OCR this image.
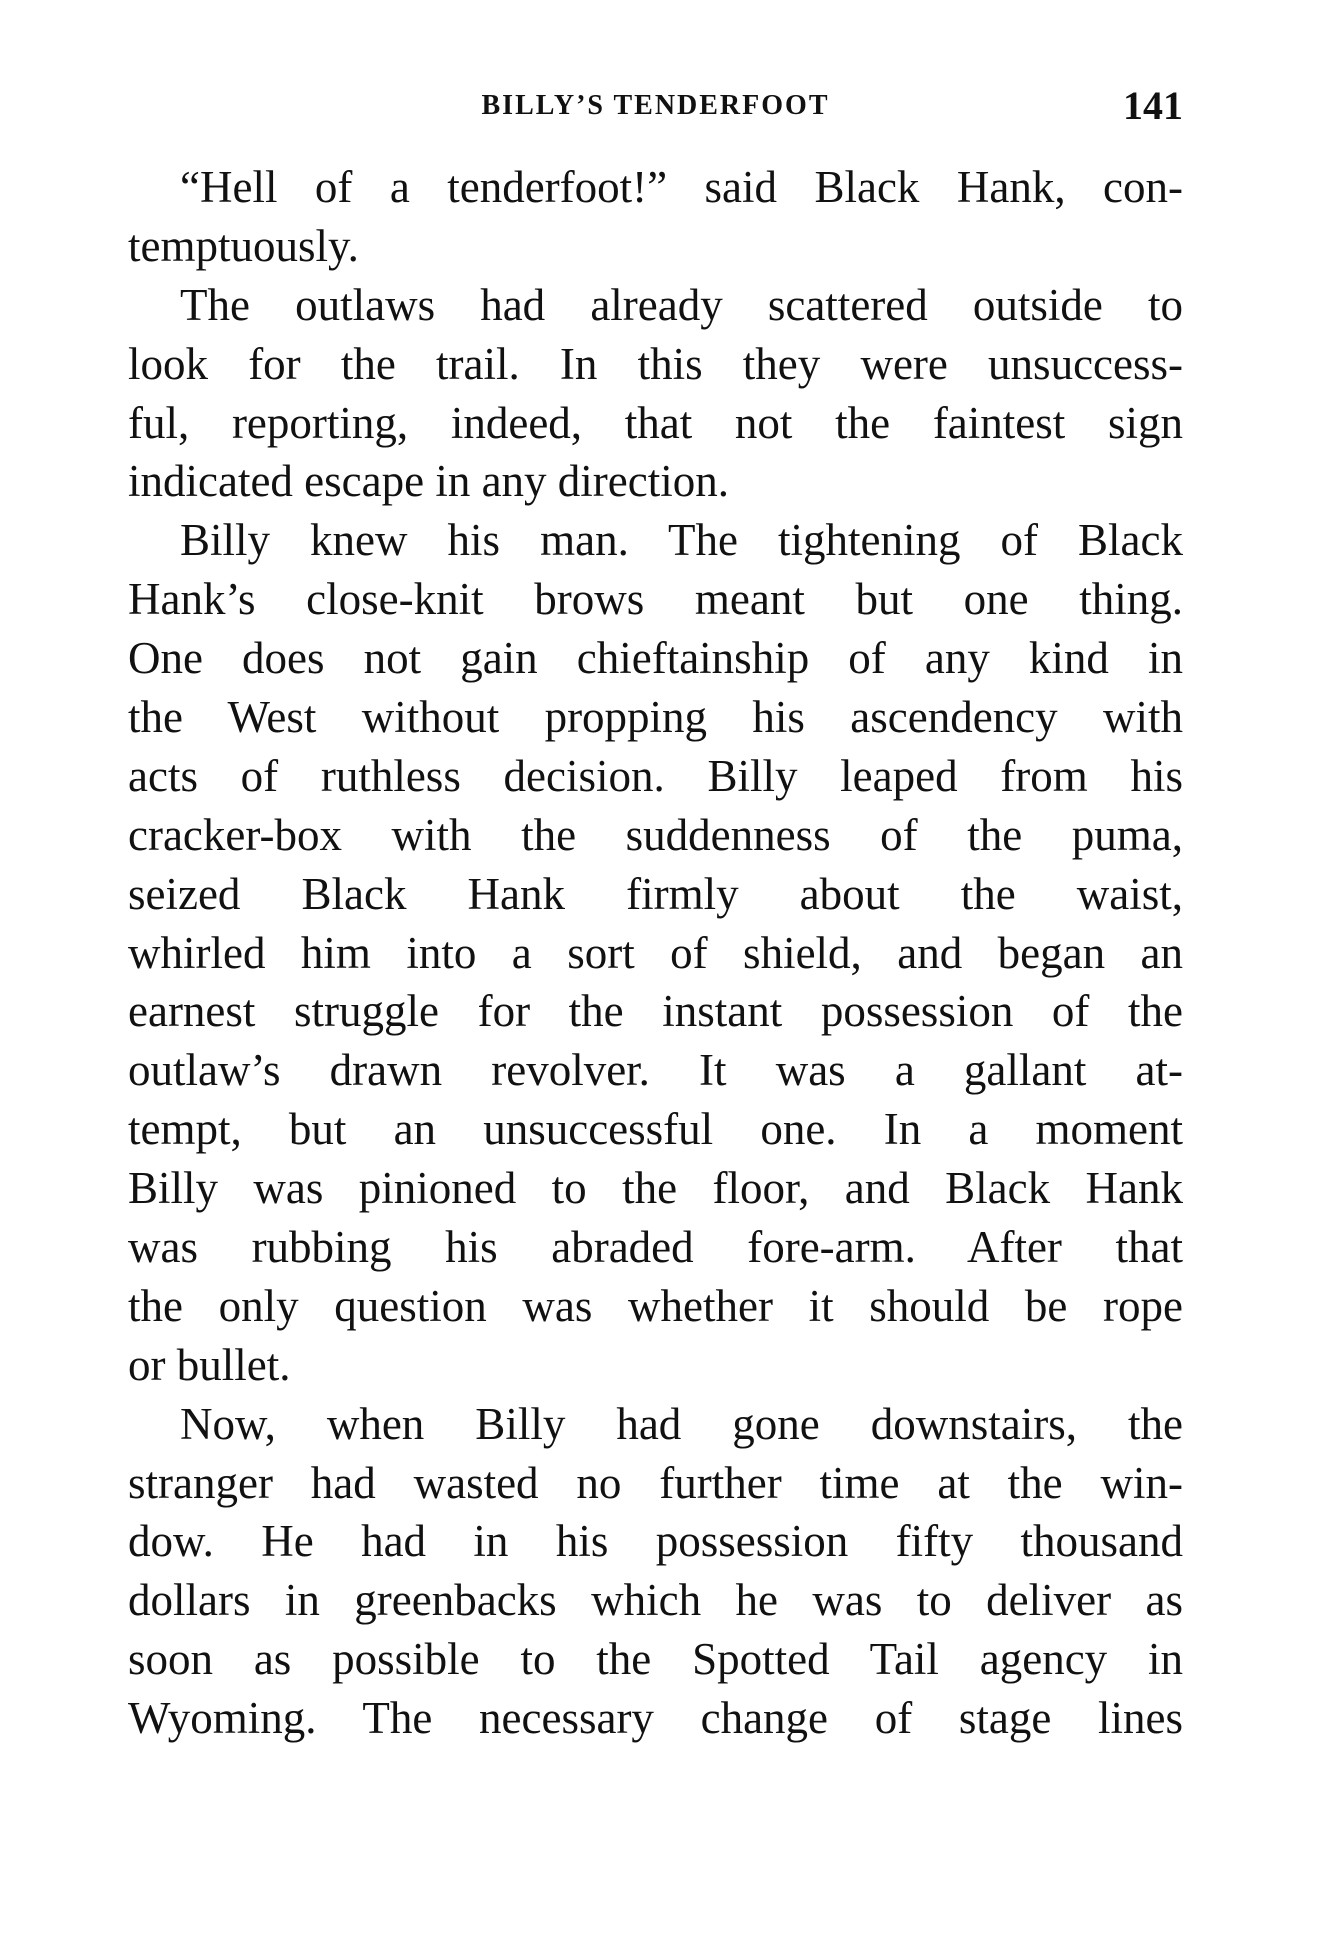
BILLY’S TENDERFOOT	141
“Hell of a tenderfoot!” said Black Hank, con-
temptuously.
The outlaws had already scattered outside to
look for the trail. In this they were unsuccess-
ful, reporting, indeed, that not the faintest sign
indicated escape in any direction.
Billy knew his man. The tightening of Black
Hank’s close-knit brows meant but one thing.
One does not gain chieftainship of any kind in
the West without propping his ascendency with
acts of ruthless decision. Billy leaped from his
cracker-box with the suddenness of the puma,
seized Black Hank firmly about the waist,
whirled him into a sort of shield, and began an
earnest struggle for the instant possession of the
outlaw’s drawn revolver. It was a gallant at-
tempt, but an unsuccessful one. In a moment
Billy was pinioned to the floor, and Black Hank
was rubbing his abraded fore-arm. After that
the only question was whether it should be rope
or bullet.
Now, when Billy had gone downstairs, the
stranger had wasted no further time at the win-
dow. He had in his possession fifty thousand
dollars in greenbacks which he was to deliver as
soon as possible to the Spotted Tail agency in
Wyoming. The necessary change of stage lines
